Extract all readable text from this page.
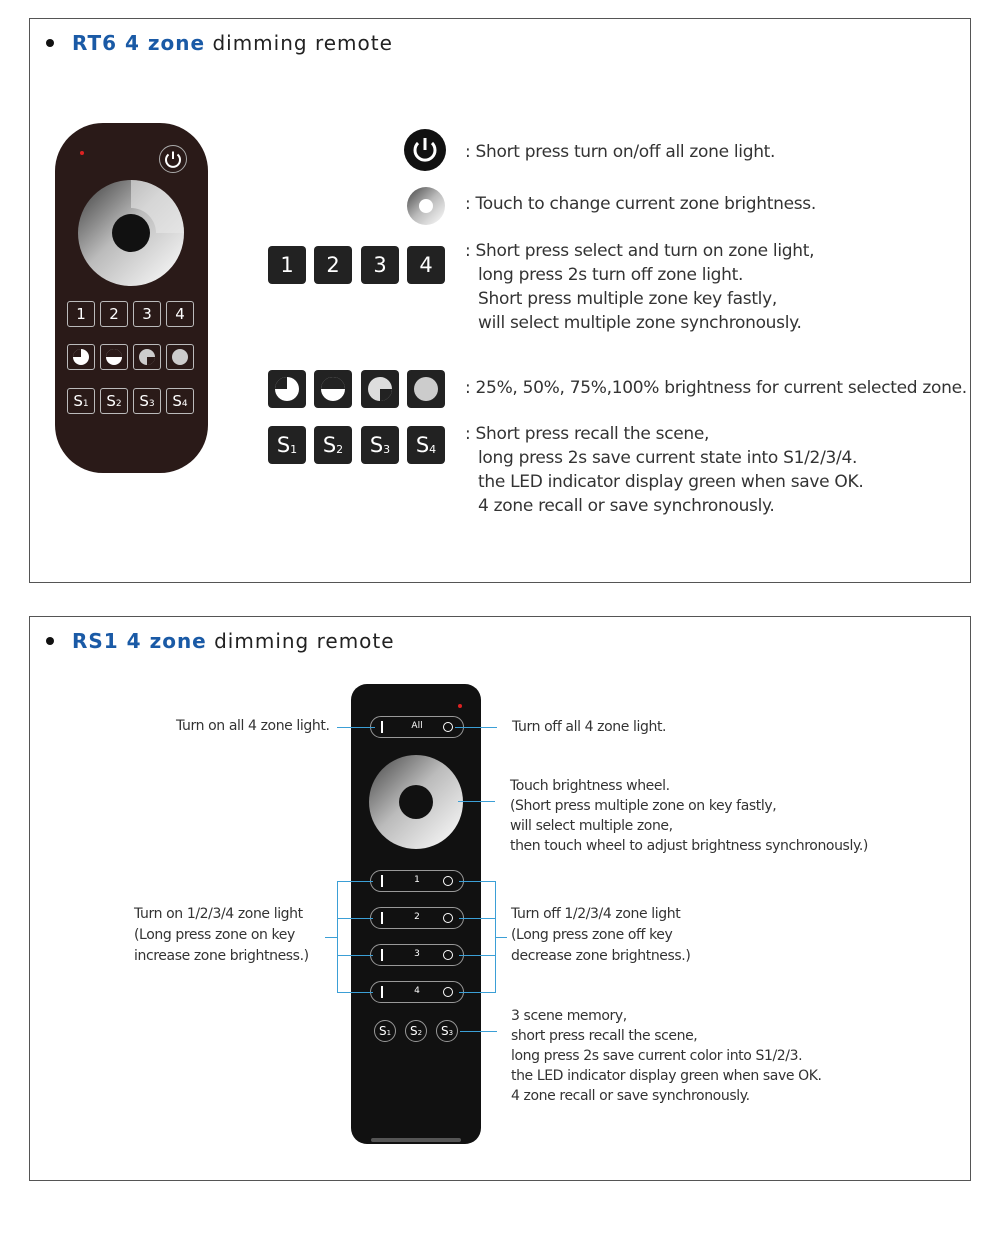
RT6 4 zone dimming remote
1	2	3	4
$S_1$ $S_2$ $S_3$ $S_4$
: Short press turn on/off all zone light.
: Touch to change current zone brightness.
1	2	3	4
: Short press select and turn on zone light,
long press 2s turn off zone light.
Short press multiple zone key fastly,
will select multiple zone synchronously.
: 25%, 50%, 75%,100% brightness for current selected zone.
$S_1$ $S_2$ $S_3$ $S_4$
: Short press recall the scene,
long press 2s save current state into S1/2/3/4.
the LED indicator display green when save OK.
4 zone recall or save synchronously.
RS1 4 zone dimming remote
All
1
2
3
4
$S_1$ $S_2$ $S_3$
Turn on all 4 zone light.	Turn off all 4 zone light.
Touch brightness wheel.
(Short press multiple zone on key fastly,
will select multiple zone,
then touch wheel to adjust brightness synchronously.)
Turn on 1/2/3/4 zone light
(Long press zone on key
increase zone brightness.)
Turn off 1/2/3/4 zone light
(Long press zone off key
decrease zone brightness.)
3 scene memory,
short press recall the scene,
long press 2s save current color into S1/2/3.
the LED indicator display green when save OK.
4 zone recall or save synchronously.
